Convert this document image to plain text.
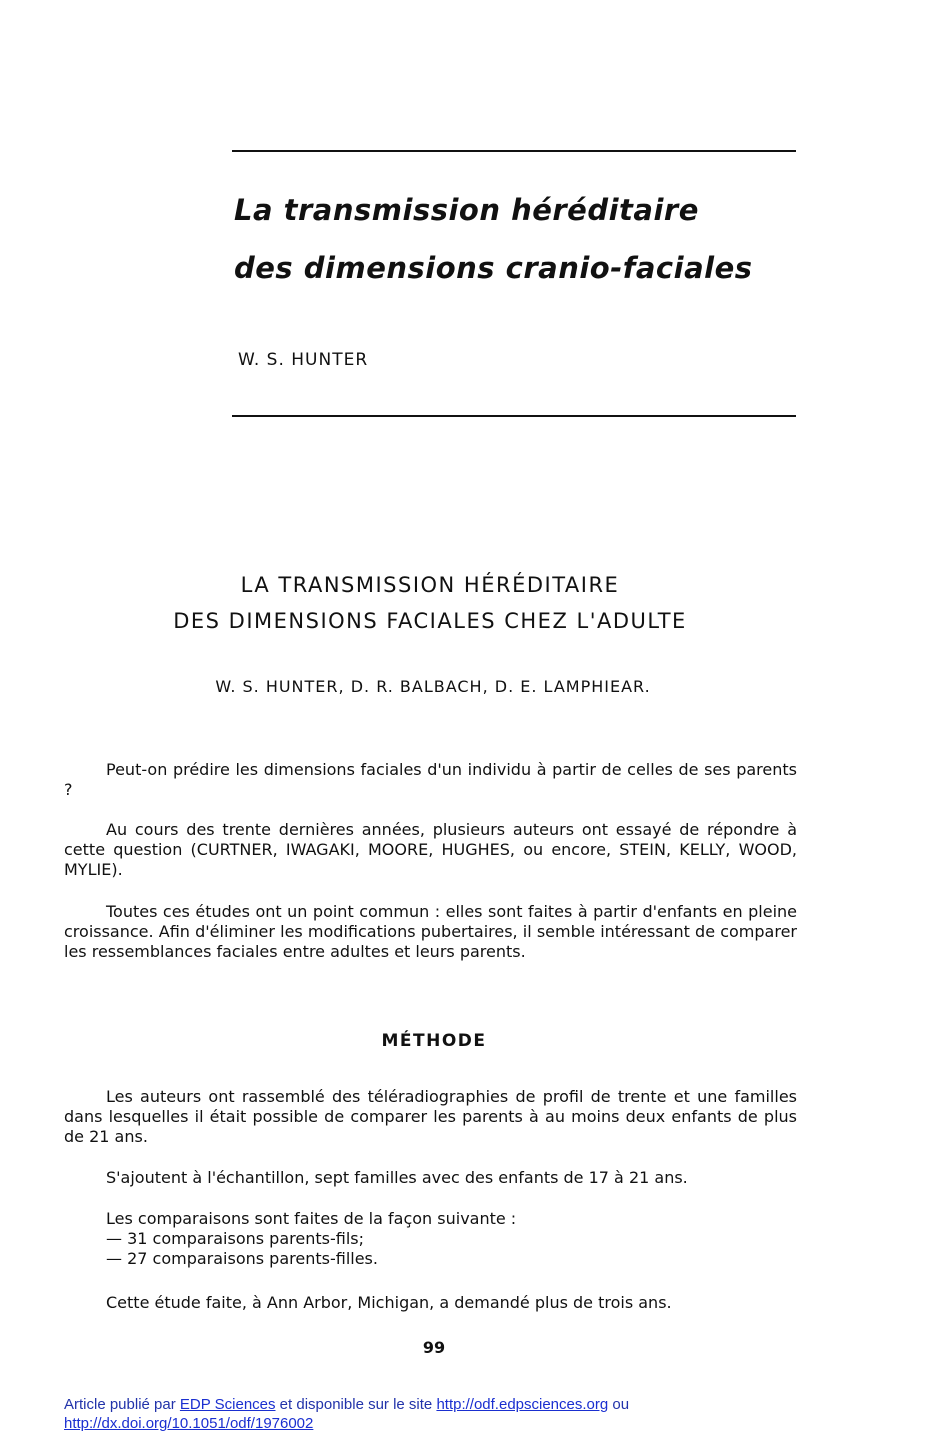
La transmission héréditaire
des dimensions cranio-faciales
W. S. HUNTER
LA TRANSMISSION HÉRÉDITAIRE
DES DIMENSIONS FACIALES CHEZ L'ADULTE
W. S. HUNTER, D. R. BALBACH, D. E. LAMPHIEAR.

Peut-on prédire les dimensions faciales d'un individu à partir de celles de ses parents ?

Au cours des trente dernières années, plusieurs auteurs ont essayé de répondre à cette question (CURTNER, IWAGAKI, MOORE, HUGHES, ou encore, STEIN, KELLY, WOOD, MYLIE).

Toutes ces études ont un point commun : elles sont faites à partir d'enfants en pleine croissance. Afin d'éliminer les modifications pubertaires, il semble intéressant de comparer les ressemblances faciales entre adultes et leurs parents.

MÉTHODE

Les auteurs ont rassemblé des téléradiographies de profil de trente et une familles dans lesquelles il était possible de comparer les parents à au moins deux enfants de plus de 21 ans.

S'ajoutent à l'échantillon, sept familles avec des enfants de 17 à 21 ans.

Les comparaisons sont faites de la façon suivante :
— 31 comparaisons parents-fils;
— 27 comparaisons parents-filles.

Cette étude faite, à Ann Arbor, Michigan, a demandé plus de trois ans.

99
Article publié par EDP Sciences et disponible sur le site http://odf.edpsciences.org ou
http://dx.doi.org/10.1051/odf/1976002
